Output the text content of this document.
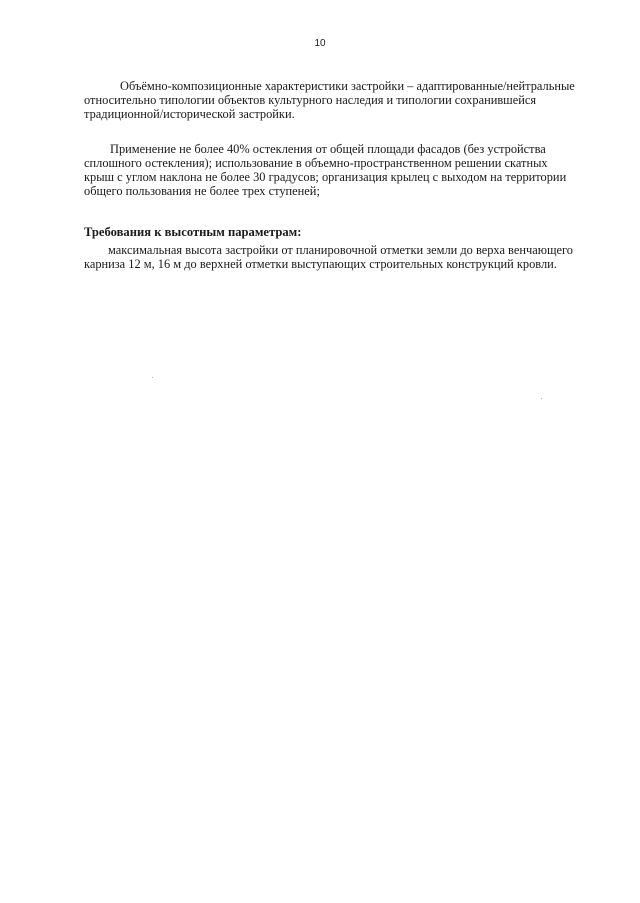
10
Объёмно-композиционные характеристики застройки – адаптированные/нейтральные
относительно типологии объектов культурного наследия и типологии сохранившейся
традиционной/исторической застройки.
Применение не более 40% остекления от общей площади фасадов (без устройства
сплошного остекления); использование в объемно-пространственном решении скатных
крыш с углом наклона не более 30 градусов; организация крылец с выходом на территории
общего пользования не более трех ступеней;
Требования к высотным параметрам:
максимальная высота застройки от планировочной отметки земли до верха венчающего
карниза 12 м, 16 м до верхней отметки выступающих строительных конструкций кровли.
